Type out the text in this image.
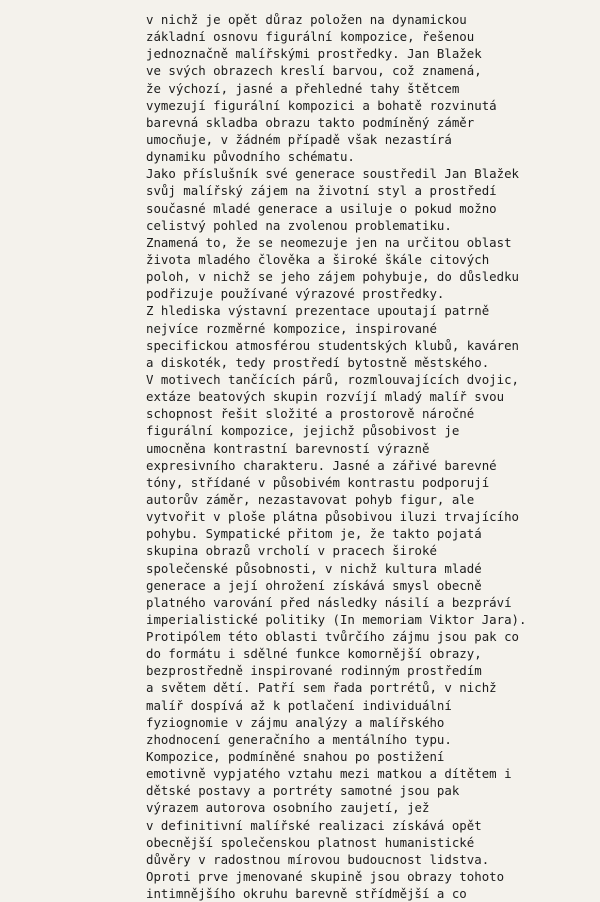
v nichž je opět důraz položen na dynamickou
základní osnovu figurální kompozice, řešenou
jednoznačně malířskými prostředky. Jan Blažek
ve svých obrazech kreslí barvou, což znamená,
že výchozí, jasné a přehledné tahy štětcem
vymezují figurální kompozici a bohatě rozvinutá
barevná skladba obrazu takto podmíněný záměr
umocňuje, v žádném případě však nezastírá
dynamiku původního schématu.
Jako příslušník své generace soustředil Jan Blažek
svůj malířský zájem na životní styl a prostředí
současné mladé generace a usiluje o pokud možno
celistvý pohled na zvolenou problematiku.
Znamená to, že se neomezuje jen na určitou oblast
života mladého člověka a široké škále citových
poloh, v nichž se jeho zájem pohybuje, do důsledku
podřizuje používané výrazové prostředky.
Z hlediska výstavní prezentace upoutají patrně
nejvíce rozměrné kompozice, inspirované
specifickou atmosférou studentských klubů, kaváren
a diskoték, tedy prostředí bytostně městského.
V motivech tančících párů, rozmlouvajících dvojic,
extáze beatových skupin rozvíjí mladý malíř svou
schopnost řešit složité a prostorově náročné
figurální kompozice, jejichž působivost je
umocněna kontrastní barevností výrazně
expresivního charakteru. Jasné a zářivé barevné
tóny, střídané v působivém kontrastu podporují
autorův záměr, nezastavovat pohyb figur, ale
vytvořit v ploše plátna působivou iluzi trvajícího
pohybu. Sympatické přitom je, že takto pojatá
skupina obrazů vrcholí v pracech široké
společenské působnosti, v nichž kultura mladé
generace a její ohrožení získává smysl obecně
platného varování před následky násilí a bezpráví
imperialistické politiky (In memoriam Viktor Jara).
Protipólem této oblasti tvůrčího zájmu jsou pak co
do formátu i sdělné funkce komornější obrazy,
bezprostředně inspirované rodinným prostředím
a světem dětí. Patří sem řada portrétů, v nichž
malíř dospívá až k potlačení individuální
fyziognomie v zájmu analýzy a malířského
zhodnocení generačního a mentálního typu.
Kompozice, podmíněné snahou po postižení
emotivně vypjatého vztahu mezi matkou a dítětem i
dětské postavy a portréty samotné jsou pak
výrazem autorova osobního zaujetí, jež
v definitivní malířské realizaci získává opět
obecnější společenskou platnost humanistické
důvěry v radostnou mírovou budoucnost lidstva.
Oproti prve jmenované skupině jsou obrazy tohoto
intimnějšího okruhu barevně střídmější a co
